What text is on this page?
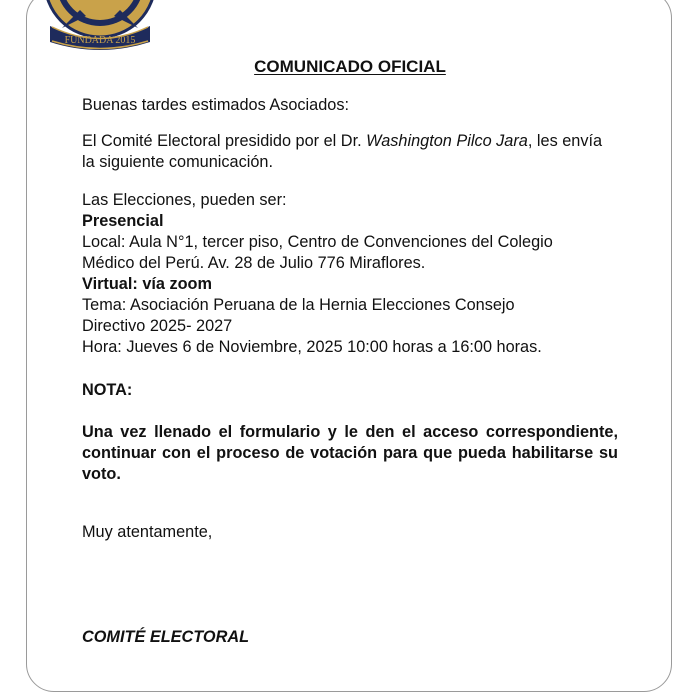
FUNDADA 2015
COMUNICADO OFICIAL

Buenas tardes estimados Asociados:

El Comité Electoral presidido por el Dr. Washington Pilco Jara, les envía la siguiente comunicación.

Las Elecciones, pueden ser:
Presencial
Local: Aula N°1, tercer piso, Centro de Convenciones del Colegio
Médico del Perú. Av. 28 de Julio 776 Miraflores.
Virtual: vía zoom
Tema: Asociación Peruana de la Hernia Elecciones Consejo
Directivo 2025- 2027
Hora: Jueves 6 de Noviembre, 2025 10:00 horas a 16:00 horas.

NOTA:

Una vez llenado el formulario y le den el acceso correspondiente, continuar con el proceso de votación para que pueda habilitarse su voto.

Muy atentamente,

COMITÉ ELECTORAL
